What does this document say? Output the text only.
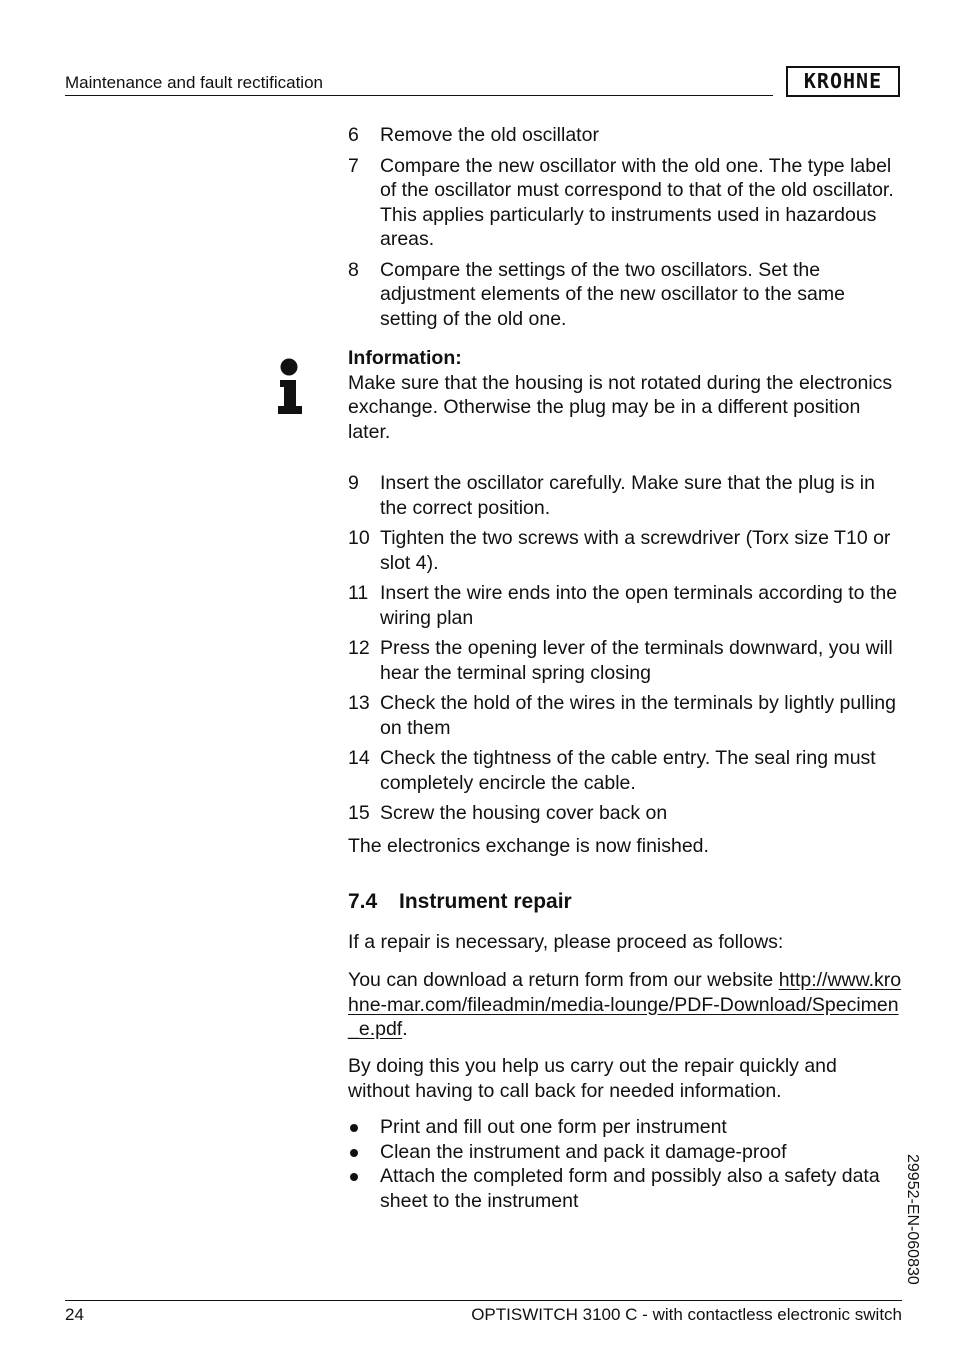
Maintenance and fault rectification	KROHNE
6 Remove the old oscillator
7 Compare the new oscillator with the old one. The type label of the oscillator must correspond to that of the old oscillator. This applies particularly to instruments used in hazardous areas.
8 Compare the settings of the two oscillators. Set the adjustment elements of the new oscillator to the same setting of the old one.
Information:
Make sure that the housing is not rotated during the electronics exchange. Otherwise the plug may be in a different position later.
9 Insert the oscillator carefully. Make sure that the plug is in the correct position.
10 Tighten the two screws with a screwdriver (Torx size T10 or slot 4).
11 Insert the wire ends into the open terminals according to the wiring plan
12 Press the opening lever of the terminals downward, you will hear the terminal spring closing
13 Check the hold of the wires in the terminals by lightly pulling on them
14 Check the tightness of the cable entry. The seal ring must completely encircle the cable.
15 Screw the housing cover back on
The electronics exchange is now finished.
7.4 Instrument repair

If a repair is necessary, please proceed as follows:

You can download a return form from our website http://www.krohne-mar.com/fileadmin/media-lounge/PDF-Download/Specimen_e.pdf.

By doing this you help us carry out the repair quickly and without having to call back for needed information.

Print and fill out one form per instrument
Clean the instrument and pack it damage-proof
Attach the completed form and possibly also a safety data sheet to the instrument	29952-EN-060830
24	OPTISWITCH 3100 C - with contactless electronic switch
